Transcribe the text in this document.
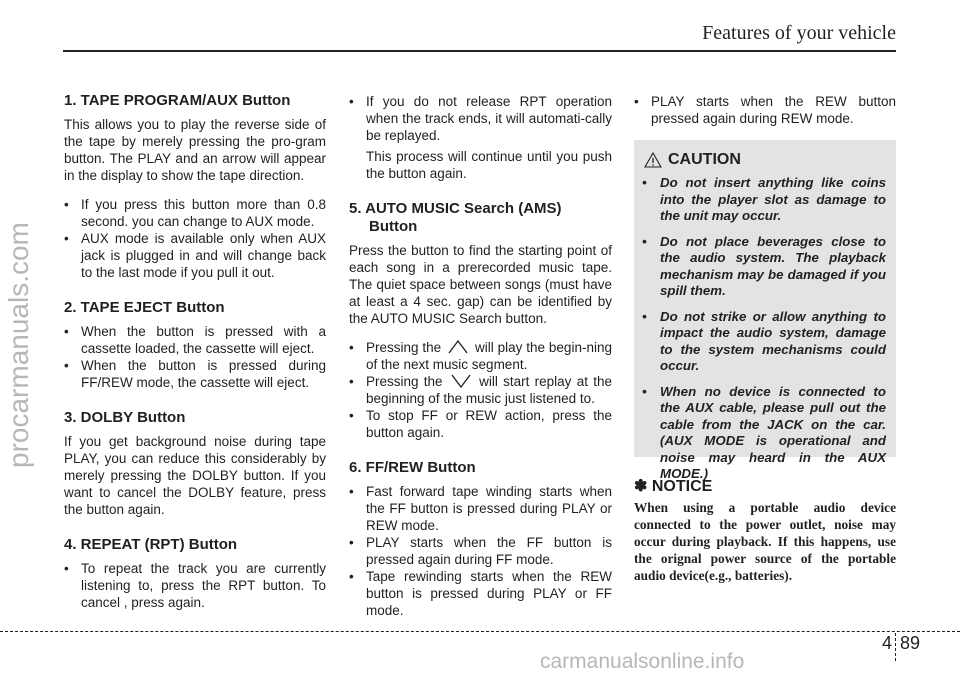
Features of your vehicle
procarmanuals.com
1. TAPE PROGRAM/AUX Button

This allows you to play the reverse side of the tape by merely pressing the pro-gram button. The PLAY and an arrow will appear in the display to show the tape direction.

• If you press this button more than 0.8 second. you can change to AUX mode.
• AUX mode is available only when AUX jack is plugged in and will change back to the last mode if you pull it out.
2. TAPE EJECT Button
• When the button is pressed with a cassette loaded, the cassette will eject.
• When the button is pressed during FF/REW mode, the cassette will eject.
3. DOLBY Button

If you get background noise during tape PLAY, you can reduce this considerably by merely pressing the DOLBY button. If you want to cancel the DOLBY feature, press the button again.

4. REPEAT (RPT) Button
• To repeat the track you are currently listening to, press the RPT button. To cancel , press again.
• If you do not release RPT operation when the track ends, it will automati-cally be replayed.

This process will continue until you push the button again.

5. AUTO MUSIC Search (AMS) Button

Press the button to find the starting point of each song in a prerecorded music tape. The quiet space between songs (must have at least a 4 sec. gap) can be identified by the AUTO MUSIC Search button.

• Pressing the	will play the begin-ning of the next music segment.
• Pressing the	will start replay at the beginning of the music just listened to.
• To stop FF or REW action, press the button again.
6. FF/REW Button
• Fast forward tape winding starts when the FF button is pressed during PLAY or REW mode.
• PLAY starts when the FF button is pressed again during FF mode.
• Tape rewinding starts when the REW button is pressed during PLAY or FF mode.
• PLAY starts when the REW button pressed again during REW mode.
CAUTION
• Do not insert anything like coins into the player slot as damage to the unit may occur.
• Do not place beverages close to the audio system. The playback mechanism may be damaged if you spill them.
• Do not strike or allow anything to impact the audio system, damage to the system mechanisms could occur.
• When no device is connected to the AUX cable, please pull out the cable from the JACK on the car. (AUX MODE is operational and noise may heard in the AUX MODE.)
✽ NOTICE
When using a portable audio device connected to the power outlet, noise may occur during playback. If this happens, use the orignal power source of the portable audio device(e.g., batteries).
4 89
carmanualsonline.info
